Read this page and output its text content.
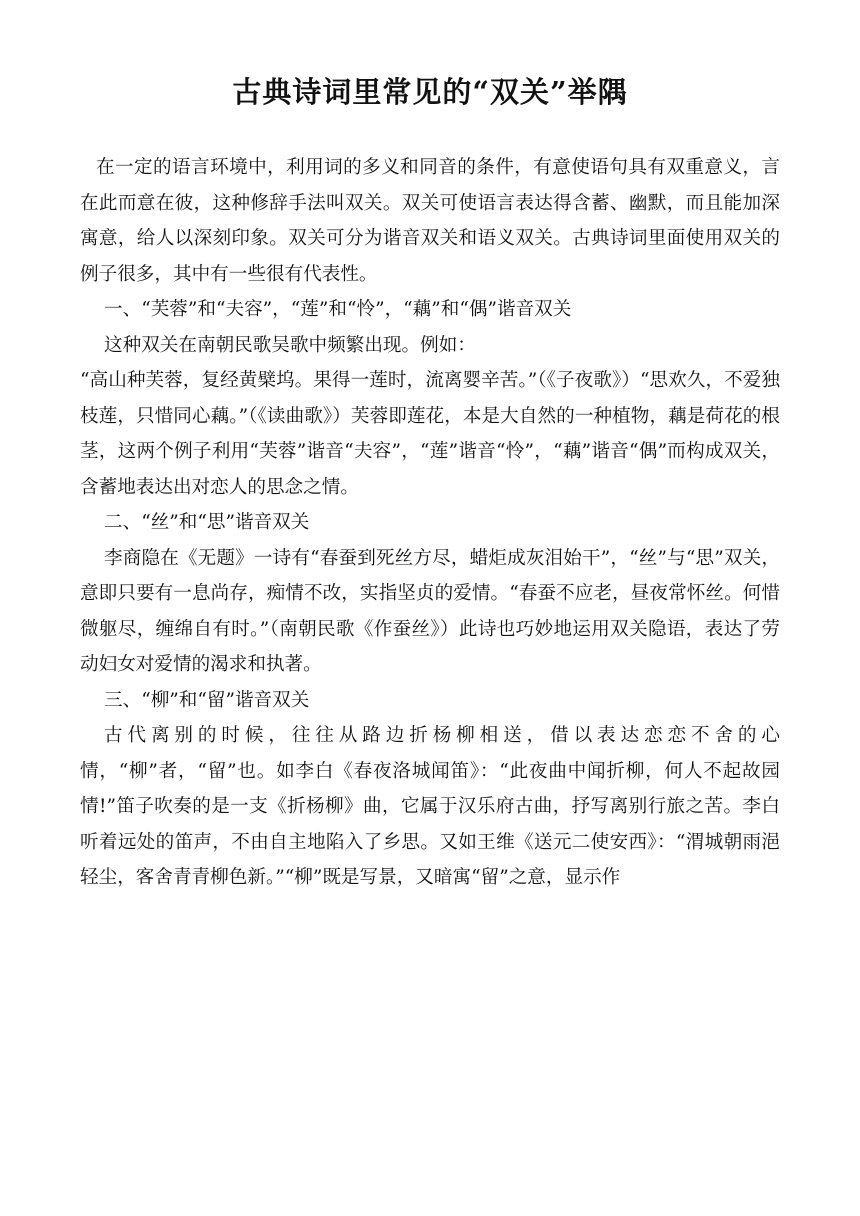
古典诗词里常见的“双关”举隅

在一定的语言环境中，利用词的多义和同音的条件，有意使语句具有双重意义，言在此而意在彼，这种修辞手法叫双关。双关可使语言表达得含蓄、幽默，而且能加深寓意，给人以深刻印象。双关可分为谐音双关和语义双关。古典诗词里面使用双关的例子很多，其中有一些很有代表性。

一、“芙蓉”和“夫容”，“莲”和“怜”，“藕”和“偶”谐音双关

这种双关在南朝民歌吴歌中频繁出现。例如：

“高山种芙蓉，复经黄檗坞。果得一莲时，流离婴辛苦。”（《子夜歌》）“思欢久，不爱独枝莲，只惜同心藕。”（《读曲歌》）芙蓉即莲花，本是大自然的一种植物，藕是荷花的根茎，这两个例子利用“芙蓉”谐音“夫容”，“莲”谐音“怜”，“藕”谐音“偶”而构成双关，含蓄地表达出对恋人的思念之情。

二、“丝”和“思”谐音双关

李商隐在《无题》一诗有“春蚕到死丝方尽，蜡炬成灰泪始干”，“丝”与“思”双关，意即只要有一息尚存，痴情不改，实指坚贞的爱情。“春蚕不应老，昼夜常怀丝。何惜微躯尽，缠绵自有时。”（南朝民歌《作蚕丝》）此诗也巧妙地运用双关隐语，表达了劳动妇女对爱情的渴求和执著。

三、“柳”和“留”谐音双关

古代离别的时候，往往从路边折杨柳相送，借以表达恋恋不舍的心情，“柳”者，“留”也。如李白《春夜洛城闻笛》：“此夜曲中闻折柳，何人不起故园情!”笛子吹奏的是一支《折杨柳》曲，它属于汉乐府古曲，抒写离别行旅之苦。李白听着远处的笛声，不由自主地陷入了乡思。又如王维《送元二使安西》：“渭城朝雨浥轻尘，客舍青青柳色新。”“柳”既是写景，又暗寓“留”之意，显示作
